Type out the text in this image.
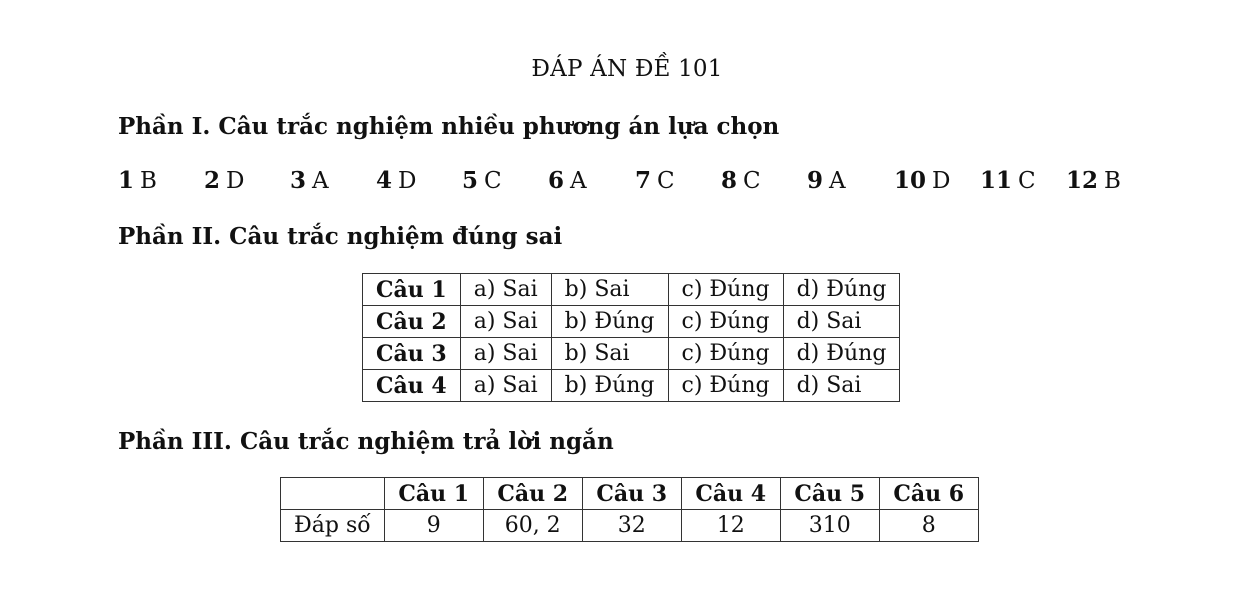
ĐÁP ÁN ĐỀ 101
Phần I. Câu trắc nghiệm nhiều phương án lựa chọn
1 B 2 D 3 A 4 D 5 C 6 A 7 C 8 C 9 A 10 D 11 C 12 B
Phần II. Câu trắc nghiệm đúng sai
Câu 1	a) Sai	b) Sai	c) Đúng	d) Đúng
Câu 2	a) Sai	b) Đúng	c) Đúng	d) Sai
Câu 3	a) Sai	b) Sai	c) Đúng	d) Đúng
Câu 4	a) Sai	b) Đúng	c) Đúng	d) Sai
Phần III. Câu trắc nghiệm trả lời ngắn
	Câu 1	Câu 2	Câu 3	Câu 4	Câu 5	Câu 6
Đáp số	9	60, 2	32	12	310	8
